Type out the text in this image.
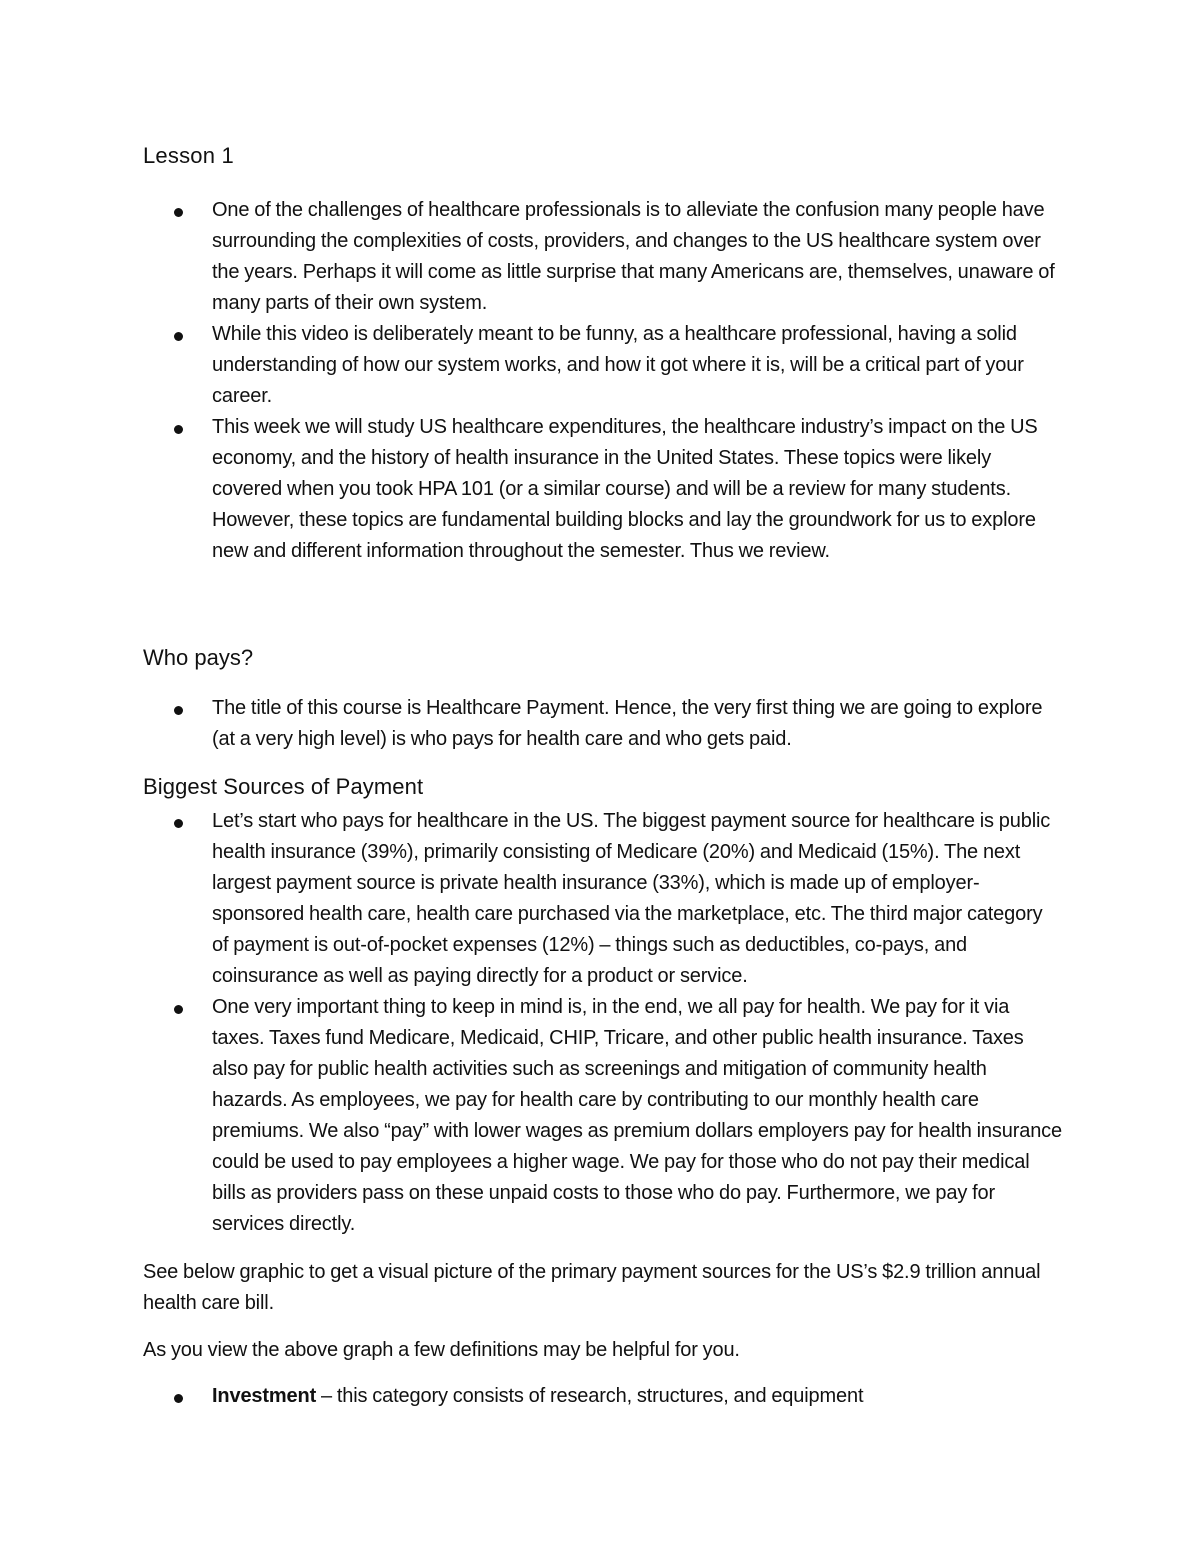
Lesson 1
One of the challenges of healthcare professionals is to alleviate the confusion many people have surrounding the complexities of costs, providers, and changes to the US healthcare system over the years. Perhaps it will come as little surprise that many Americans are, themselves, unaware of many parts of their own system.
While this video is deliberately meant to be funny, as a healthcare professional, having a solid understanding of how our system works, and how it got where it is, will be a critical part of your career.
This week we will study US healthcare expenditures, the healthcare industry’s impact on the US economy, and the history of health insurance in the United States. These topics were likely covered when you took HPA 101 (or a similar course) and will be a review for many students. However, these topics are fundamental building blocks and lay the groundwork for us to explore new and different information throughout the semester. Thus we review.
Who pays?
The title of this course is Healthcare Payment. Hence, the very first thing we are going to explore (at a very high level) is who pays for health care and who gets paid.
Biggest Sources of Payment
Let’s start who pays for healthcare in the US. The biggest payment source for healthcare is public health insurance (39%), primarily consisting of Medicare (20%) and Medicaid (15%). The next largest payment source is private health insurance (33%), which is made up of employer-sponsored health care, health care purchased via the marketplace, etc. The third major category of payment is out-of-pocket expenses (12%) – things such as deductibles, co-pays, and coinsurance as well as paying directly for a product or service.
One very important thing to keep in mind is, in the end, we all pay for health. We pay for it via taxes. Taxes fund Medicare, Medicaid, CHIP, Tricare, and other public health insurance. Taxes also pay for public health activities such as screenings and mitigation of community health hazards. As employees, we pay for health care by contributing to our monthly health care premiums. We also “pay” with lower wages as premium dollars employers pay for health insurance could be used to pay employees a higher wage. We pay for those who do not pay their medical bills as providers pass on these unpaid costs to those who do pay. Furthermore, we pay for services directly.

See below graphic to get a visual picture of the primary payment sources for the US’s $2.9 trillion annual health care bill.

As you view the above graph a few definitions may be helpful for you.

Investment – this category consists of research, structures, and equipment
